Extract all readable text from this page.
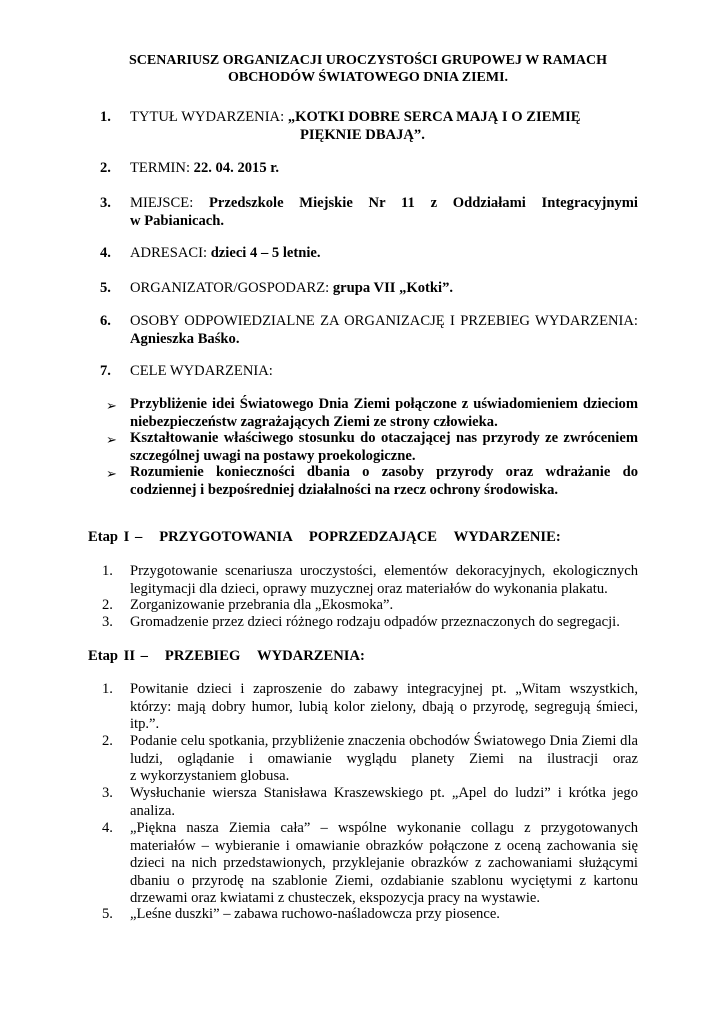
SCENARIUSZ ORGANIZACJI UROCZYSTOŚCI GRUPOWEJ W RAMACH
OBCHODÓW ŚWIATOWEGO DNIA ZIEMI.
1.	TYTUŁ WYDARZENIA: „KOTKI DOBRE SERCA MAJĄ I O ZIEMIĘ
PIĘKNIE DBAJĄ”.
2.	TERMIN: 22. 04. 2015 r.
3.	MIEJSCE: Przedszkole Miejskie Nr 11 z Oddziałami Integracyjnymi
w Pabianicach.
4.	ADRESACI: dzieci 4 – 5 letnie.
5.	ORGANIZATOR/GOSPODARZ: grupa VII „Kotki”.
6.	OSOBY ODPOWIEDZIALNE ZA ORGANIZACJĘ I PRZEBIEG WYDARZENIA:
Agnieszka Baśko.
7.	CELE WYDARZENIA:
➢ Przybliżenie idei Światowego Dnia Ziemi połączone z uświadomieniem dzieciom
niebezpieczeństw zagrażających Ziemi ze strony człowieka.
➢ Kształtowanie właściwego stosunku do otaczającej nas przyrody ze zwróceniem
szczególnej uwagi na postawy proekologiczne.
➢ Rozumienie konieczności dbania o zasoby przyrody oraz wdrażanie do
codziennej i bezpośredniej działalności na rzecz ochrony środowiska.
Etap I –   PRZYGOTOWANIA   POPRZEDZAJĄCE   WYDARZENIE:
1.	Przygotowanie scenariusza uroczystości, elementów dekoracyjnych, ekologicznych
legitymacji dla dzieci, oprawy muzycznej oraz materiałów do wykonania plakatu.
2.	Zorganizowanie przebrania dla „Ekosmoka”.
3.	Gromadzenie przez dzieci różnego rodzaju odpadów przeznaczonych do segregacji.
Etap II –   PRZEBIEG   WYDARZENIA:
1.	Powitanie dzieci i zaproszenie do zabawy integracyjnej pt. „Witam wszystkich,
którzy: mają dobry humor, lubią kolor zielony, dbają o przyrodę, segregują śmieci,
itp.”.
2.	Podanie celu spotkania, przybliżenie znaczenia obchodów Światowego Dnia Ziemi dla
ludzi, oglądanie i omawianie wyglądu planety Ziemi na ilustracji oraz
z wykorzystaniem globusa.
3.	Wysłuchanie wiersza Stanisława Kraszewskiego pt. „Apel do ludzi” i krótka jego
analiza.
4.	„Piękna nasza Ziemia cała” – wspólne wykonanie collagu z przygotowanych
materiałów – wybieranie i omawianie obrazków połączone z oceną zachowania się
dzieci na nich przedstawionych, przyklejanie obrazków z zachowaniami służącymi
dbaniu o przyrodę na szablonie Ziemi, ozdabianie szablonu wyciętymi z kartonu
drzewami oraz kwiatami z chusteczek, ekspozycja pracy na wystawie.
5.	„Leśne duszki” – zabawa ruchowo-naśladowcza przy piosence.
